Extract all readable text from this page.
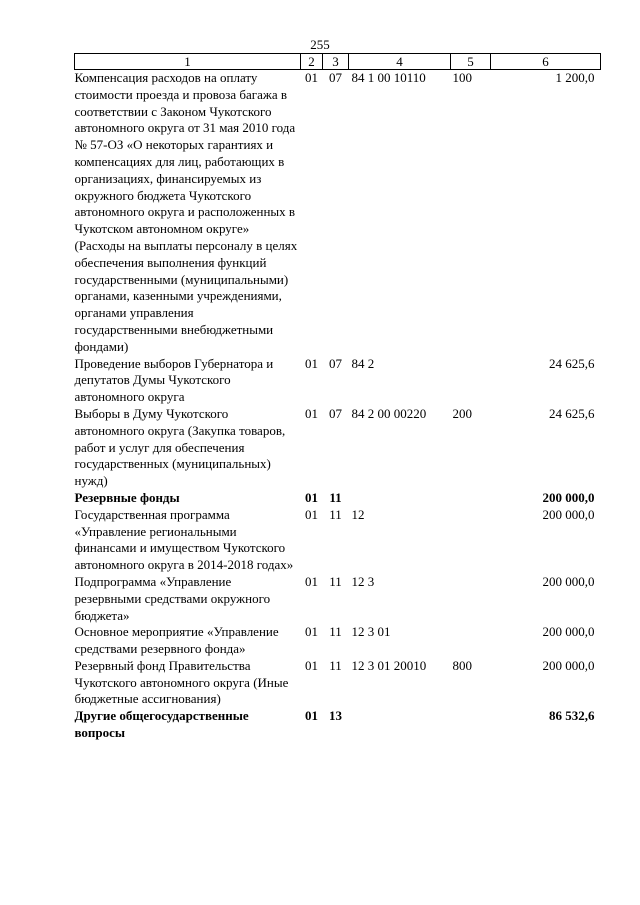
255
1	2	3	4	5	6
Компенсация расходов на оплату стоимости проезда и провоза багажа в соответствии с Законом Чукотского автономного округа от 31 мая 2010 года № 57-ОЗ «О некоторых гарантиях и компенсациях для лиц, работающих в организациях, финансируемых из окружного бюджета Чукотского автономного округа и расположенных в Чукотском автономном округе» (Расходы на выплаты персоналу в целях обеспечения выполнения функций государственными (муниципальными) органами, казенными учреждениями, органами управления государственными внебюджетными фондами)	01	07	84 1 00 10110	100	1 200,0
Проведение выборов Губернатора и депутатов Думы Чукотского автономного округа	01	07	84 2		24 625,6
Выборы в Думу Чукотского автономного округа (Закупка товаров, работ и услуг для обеспечения государственных (муниципальных) нужд)	01	07	84 2 00 00220	200	24 625,6
Резервные фонды	01	11			200 000,0
Государственная программа «Управление региональными финансами и имуществом Чукотского автономного округа в 2014-2018 годах»	01	11	12		200 000,0
Подпрограмма «Управление резервными средствами окружного бюджета»	01	11	12 3		200 000,0
Основное мероприятие «Управление средствами резервного фонда»	01	11	12 3 01		200 000,0
Резервный фонд Правительства Чукотского автономного округа (Иные бюджетные ассигнования)	01	11	12 3 01 20010	800	200 000,0
Другие общегосударственные вопросы	01	13			86 532,6
